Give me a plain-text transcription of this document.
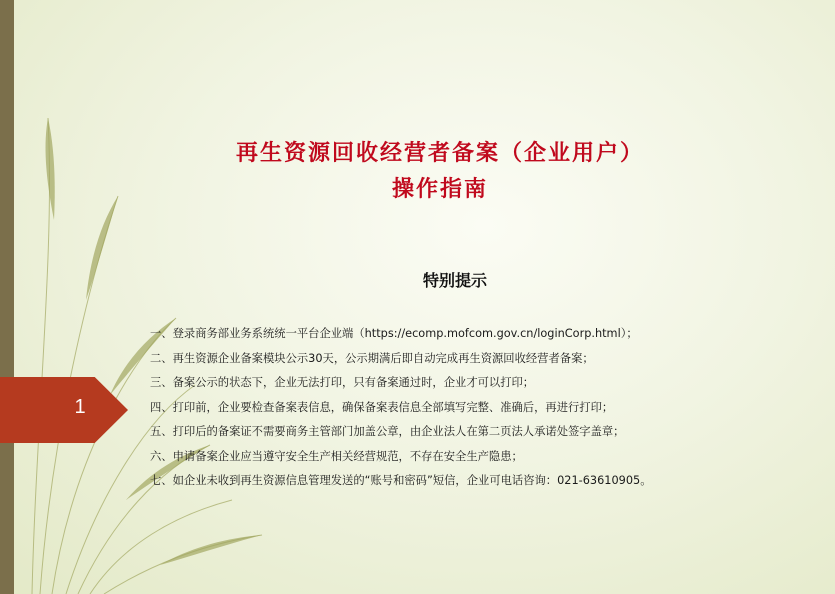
1
再生资源回收经营者备案（企业用户）
操作指南
特别提示
一、登录商务部业务系统统一平台企业端（https://ecomp.mofcom.gov.cn/loginCorp.html）；
二、再生资源企业备案模块公示30天，公示期满后即自动完成再生资源回收经营者备案；
三、备案公示的状态下，企业无法打印，只有备案通过时，企业才可以打印；
四、打印前，企业要检查备案表信息，确保备案表信息全部填写完整、准确后，再进行打印；
五、打印后的备案证不需要商务主管部门加盖公章，由企业法人在第二页法人承诺处签字盖章；
六、申请备案企业应当遵守安全生产相关经营规范，不存在安全生产隐患；
七、如企业未收到再生资源信息管理发送的“账号和密码”短信，企业可电话咨询：021-63610905。
